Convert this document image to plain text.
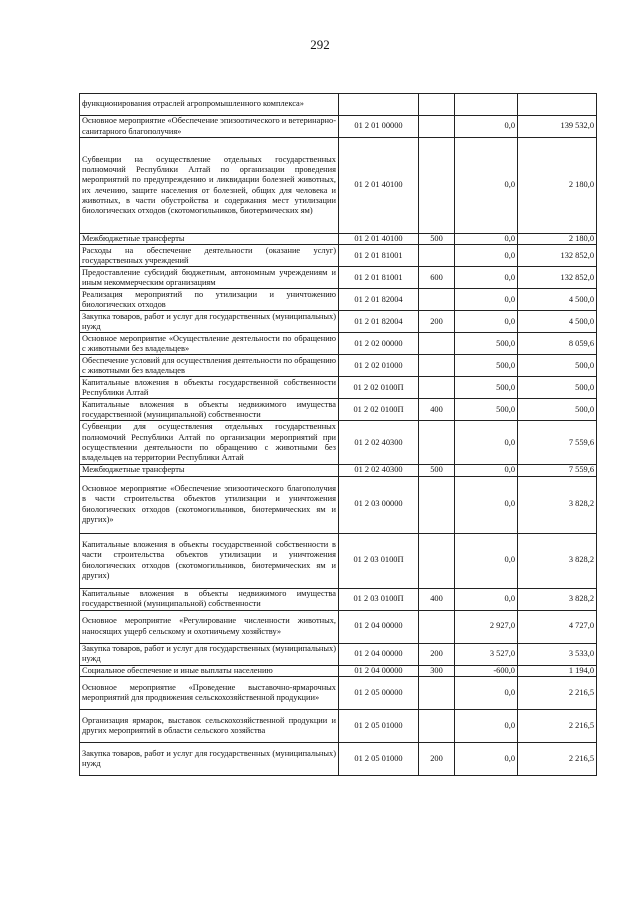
292
функционирования отраслей агропромышленного комплекса»				
Основное мероприятие «Обеспечение эпизоотического и ветеринарно-санитарного благополучия»	01 2 01 00000		0,0	139 532,0
Субвенции на осуществление отдельных государственных полномочий Республики Алтай по организации проведения мероприятий по предупреждению и ликвидации болезней животных, их лечению, защите населения от болезней, общих для человека и животных, в части обустройства и содержания мест утилизации биологических отходов (скотомогильников, биотермических ям)	01 2 01 40100		0,0	2 180,0
Межбюджетные трансферты	01 2 01 40100	500	0,0	2 180,0
Расходы на обеспечение деятельности (оказание услуг) государственных учреждений	01 2 01 81001		0,0	132 852,0
Предоставление субсидий бюджетным, автономным учреждениям и иным некоммерческим организациям	01 2 01 81001	600	0,0	132 852,0
Реализация мероприятий по утилизации и уничтожению биологических отходов	01 2 01 82004		0,0	4 500,0
Закупка товаров, работ и услуг для государственных (муниципальных) нужд	01 2 01 82004	200	0,0	4 500,0
Основное мероприятие «Осуществление деятельности по обращению с животными без владельцев»	01 2 02 00000		500,0	8 059,6
Обеспечение условий для осуществления деятельности по обращению с животными без владельцев	01 2 02 01000		500,0	500,0
Капитальные вложения в объекты государственной собственности Республики Алтай	01 2 02 0100П		500,0	500,0
Капитальные вложения в объекты недвижимого имущества государственной (муниципальной) собственности	01 2 02 0100П	400	500,0	500,0
Субвенции для осуществления отдельных государственных полномочий Республики Алтай по организации мероприятий при осуществлении деятельности по обращению с животными без владельцев на территории Республики Алтай	01 2 02 40300		0,0	7 559,6
Межбюджетные трансферты	01 2 02 40300	500	0,0	7 559,6
Основное мероприятие «Обеспечение эпизоотического благополучия в части строительства объектов утилизации и уничтожения биологических отходов (скотомогильников, биотермических ям и других)»	01 2 03 00000		0,0	3 828,2
Капитальные вложения в объекты государственной собственности в части строительства объектов утилизации и уничтожения биологических отходов (скотомогильников, биотермических ям и других)	01 2 03 0100П		0,0	3 828,2
Капитальные вложения в объекты недвижимого имущества государственной (муниципальной) собственности	01 2 03 0100П	400	0,0	3 828,2
Основное мероприятие «Регулирование численности животных, наносящих ущерб сельскому и охотничьему хозяйству»	01 2 04 00000		2 927,0	4 727,0
Закупка товаров, работ и услуг для государственных (муниципальных) нужд	01 2 04 00000	200	3 527,0	3 533,0
Социальное обеспечение и иные выплаты населению	01 2 04 00000	300	-600,0	1 194,0
Основное мероприятие «Проведение выставочно-ярмарочных мероприятий для продвижения сельскохозяйственной продукции»	01 2 05 00000		0,0	2 216,5
Организация ярмарок, выставок сельскохозяйственной продукции и других мероприятий в области сельского хозяйства	01 2 05 01000		0,0	2 216,5
Закупка товаров, работ и услуг для государственных (муниципальных) нужд	01 2 05 01000	200	0,0	2 216,5
